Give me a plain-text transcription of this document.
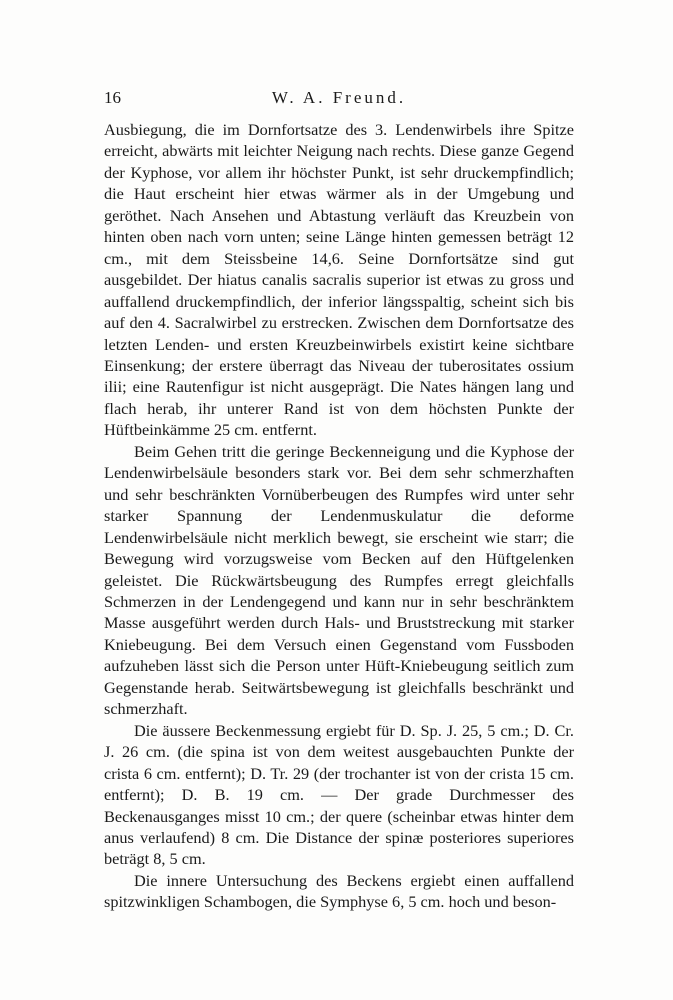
16	W. A. Freund.

Ausbiegung, die im Dornfortsatze des 3. Lendenwirbels ihre Spitze erreicht, abwärts mit leichter Neigung nach rechts. Diese ganze Gegend der Kyphose, vor allem ihr höchster Punkt, ist sehr druckempfindlich; die Haut erscheint hier etwas wärmer als in der Umgebung und geröthet. Nach Ansehen und Abtastung verläuft das Kreuzbein von hinten oben nach vorn unten; seine Länge hinten gemessen beträgt 12 cm., mit dem Steissbeine 14,6. Seine Dornfortsätze sind gut ausgebildet. Der hiatus canalis sacralis superior ist etwas zu gross und auffallend druckempfindlich, der inferior längsspaltig, scheint sich bis auf den 4. Sacralwirbel zu erstrecken. Zwischen dem Dornfortsatze des letzten Lenden- und ersten Kreuzbeinwirbels existirt keine sichtbare Einsenkung; der erstere überragt das Niveau der tuberositates ossium ilii; eine Rautenfigur ist nicht ausgeprägt. Die Nates hängen lang und flach herab, ihr unterer Rand ist von dem höchsten Punkte der Hüftbeinkämme 25 cm. entfernt.

Beim Gehen tritt die geringe Beckenneigung und die Kyphose der Lendenwirbelsäule besonders stark vor. Bei dem sehr schmerzhaften und sehr beschränkten Vornüberbeugen des Rumpfes wird unter sehr starker Spannung der Lendenmuskulatur die deforme Lendenwirbelsäule nicht merklich bewegt, sie erscheint wie starr; die Bewegung wird vorzugsweise vom Becken auf den Hüftgelenken geleistet. Die Rückwärtsbeugung des Rumpfes erregt gleichfalls Schmerzen in der Lendengegend und kann nur in sehr beschränktem Masse ausgeführt werden durch Hals- und Bruststreckung mit starker Kniebeugung. Bei dem Versuch einen Gegenstand vom Fussboden aufzuheben lässt sich die Person unter Hüft-Kniebeugung seitlich zum Gegenstande herab. Seitwärtsbewegung ist gleichfalls beschränkt und schmerzhaft.

Die äussere Beckenmessung ergiebt für D. Sp. J. 25, 5 cm.; D. Cr. J. 26 cm. (die spina ist von dem weitest ausgebauchten Punkte der crista 6 cm. entfernt); D. Tr. 29 (der trochanter ist von der crista 15 cm. entfernt); D. B. 19 cm. — Der grade Durchmesser des Beckenausganges misst 10 cm.; der quere (scheinbar etwas hinter dem anus verlaufend) 8 cm. Die Distance der spinæ posteriores superiores beträgt 8, 5 cm.

Die innere Untersuchung des Beckens ergiebt einen auffallend spitzwinkligen Schambogen, die Symphyse 6, 5 cm. hoch und beson-
